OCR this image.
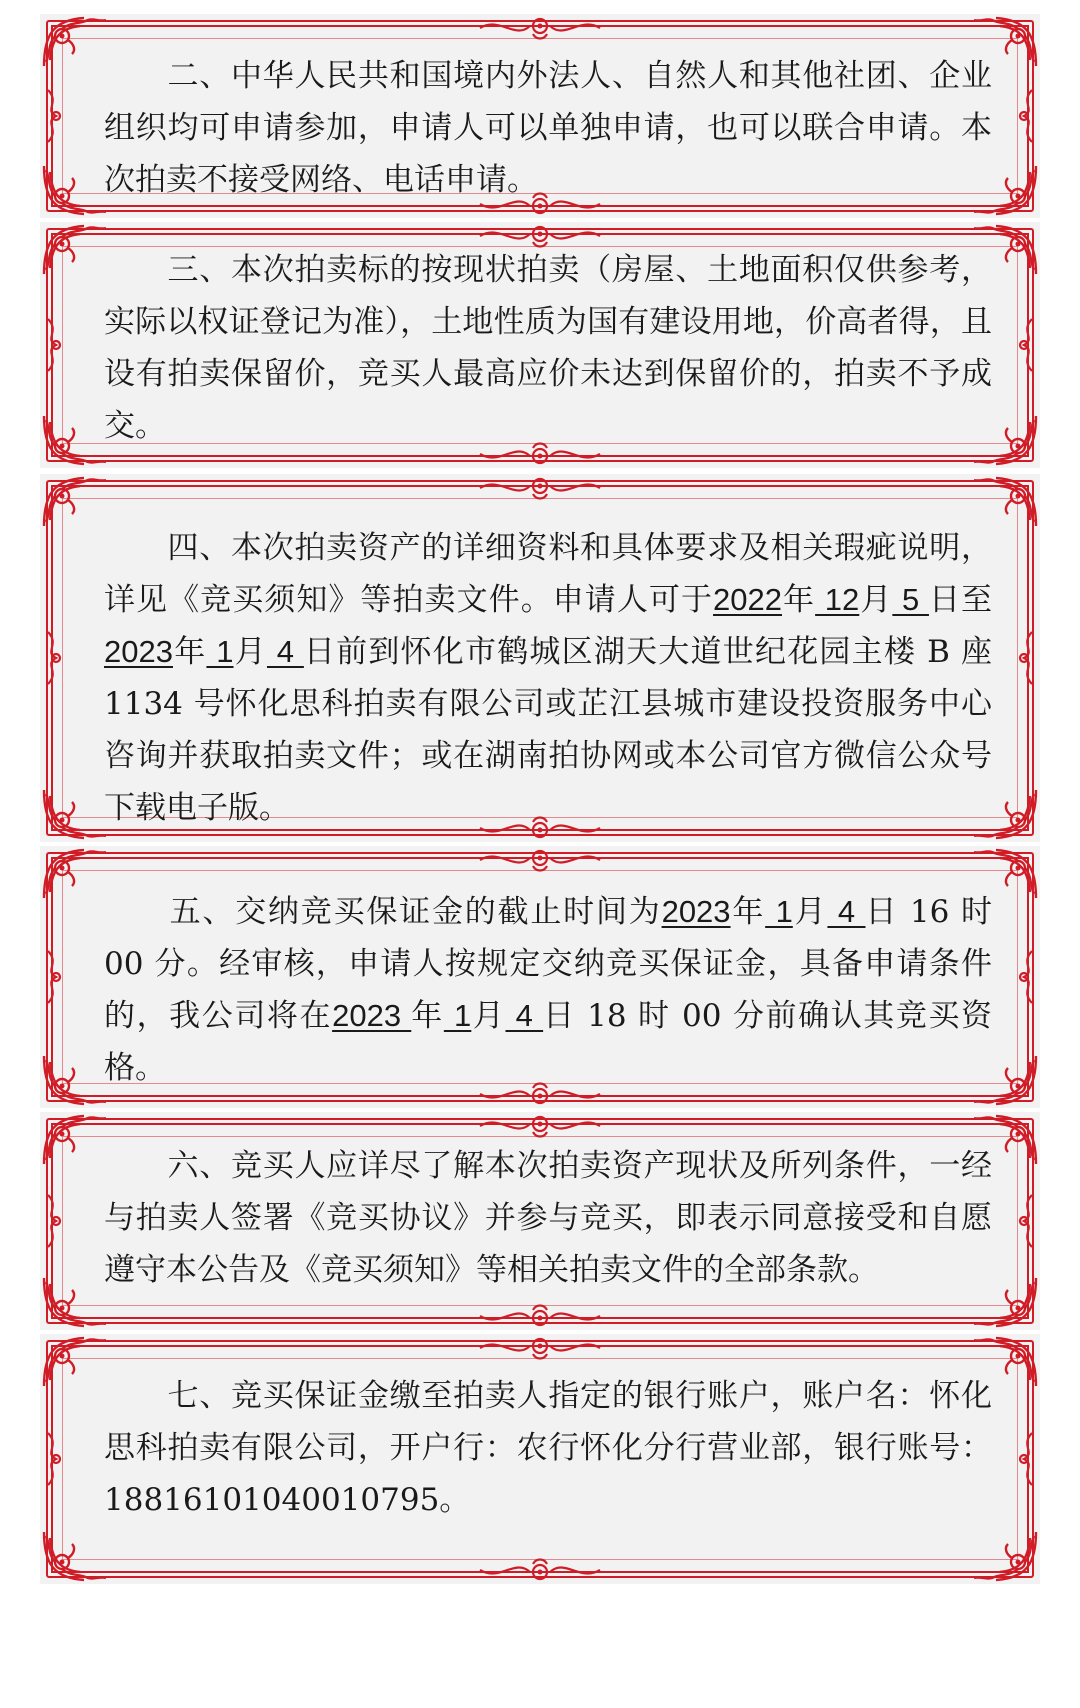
　　二、中华人民共和国境内外法人、自然人和其他社团、企业组织均可申请参加，申请人可以单独申请，也可以联合申请。本次拍卖不接受网络、电话申请。

　　三、本次拍卖标的按现状拍卖（房屋、土地面积仅供参考，实际以权证登记为准），土地性质为国有建设用地，价高者得，且设有拍卖保留价，竞买人最高应价未达到保留价的，拍卖不予成交。

　　四、本次拍卖资产的详细资料和具体要求及相关瑕疵说明，详见《竞买须知》等拍卖文件。申请人可于2022年 12月 5 日至2023年 1月 4 日前到怀化市鹤城区湖天大道世纪花园主楼 B 座 1134 号怀化思科拍卖有限公司或芷江县城市建设投资服务中心咨询并获取拍卖文件；或在湖南拍协网或本公司官方微信公众号下载电子版。

　　五、交纳竞买保证金的截止时间为2023年 1月 4 日 16 时 00 分。经审核，申请人按规定交纳竞买保证金，具备申请条件的，我公司将在2023 年 1月 4 日 18 时 00 分前确认其竞买资格。

　　六、竞买人应详尽了解本次拍卖资产现状及所列条件，一经与拍卖人签署《竞买协议》并参与竞买，即表示同意接受和自愿遵守本公告及《竞买须知》等相关拍卖文件的全部条款。

　　七、竞买保证金缴至拍卖人指定的银行账户，账户名：怀化思科拍卖有限公司，开户行：农行怀化分行营业部，银行账号：18816101040010795。
